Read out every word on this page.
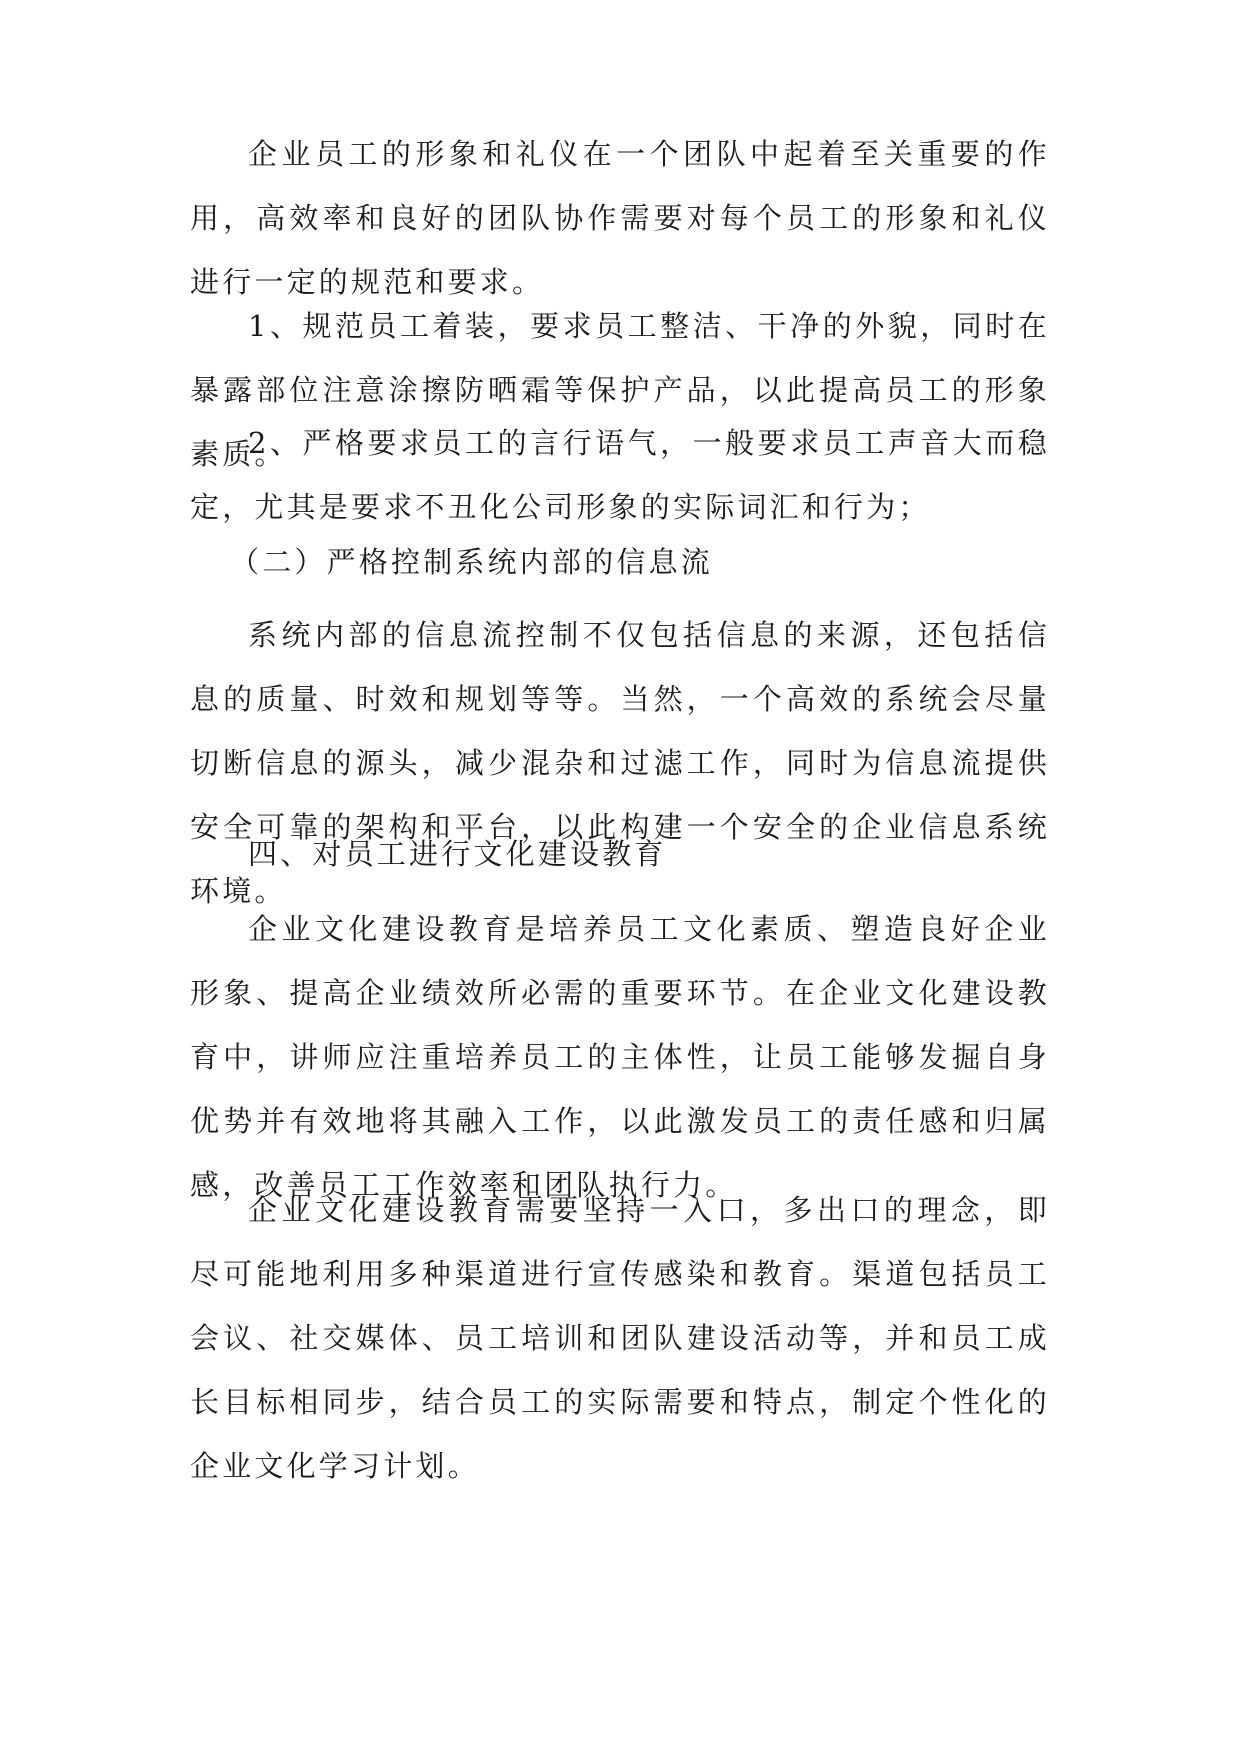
企业员工的形象和礼仪在一个团队中起着至关重要的作用，高效率和良好的团队协作需要对每个员工的形象和礼仪进行一定的规范和要求。

1、规范员工着装，要求员工整洁、干净的外貌，同时在暴露部位注意涂擦防晒霜等保护产品，以此提高员工的形象素质。

2、严格要求员工的言行语气，一般要求员工声音大而稳定，尤其是要求不丑化公司形象的实际词汇和行为；

（二）严格控制系统内部的信息流

系统内部的信息流控制不仅包括信息的来源，还包括信息的质量、时效和规划等等。当然，一个高效的系统会尽量切断信息的源头，减少混杂和过滤工作，同时为信息流提供安全可靠的架构和平台，以此构建一个安全的企业信息系统环境。

四、对员工进行文化建设教育

企业文化建设教育是培养员工文化素质、塑造良好企业形象、提高企业绩效所必需的重要环节。在企业文化建设教育中，讲师应注重培养员工的主体性，让员工能够发掘自身优势并有效地将其融入工作，以此激发员工的责任感和归属感，改善员工工作效率和团队执行力。

企业文化建设教育需要坚持一入口，多出口的理念，即尽可能地利用多种渠道进行宣传感染和教育。渠道包括员工会议、社交媒体、员工培训和团队建设活动等，并和员工成长目标相同步，结合员工的实际需要和特点，制定个性化的企业文化学习计划。
